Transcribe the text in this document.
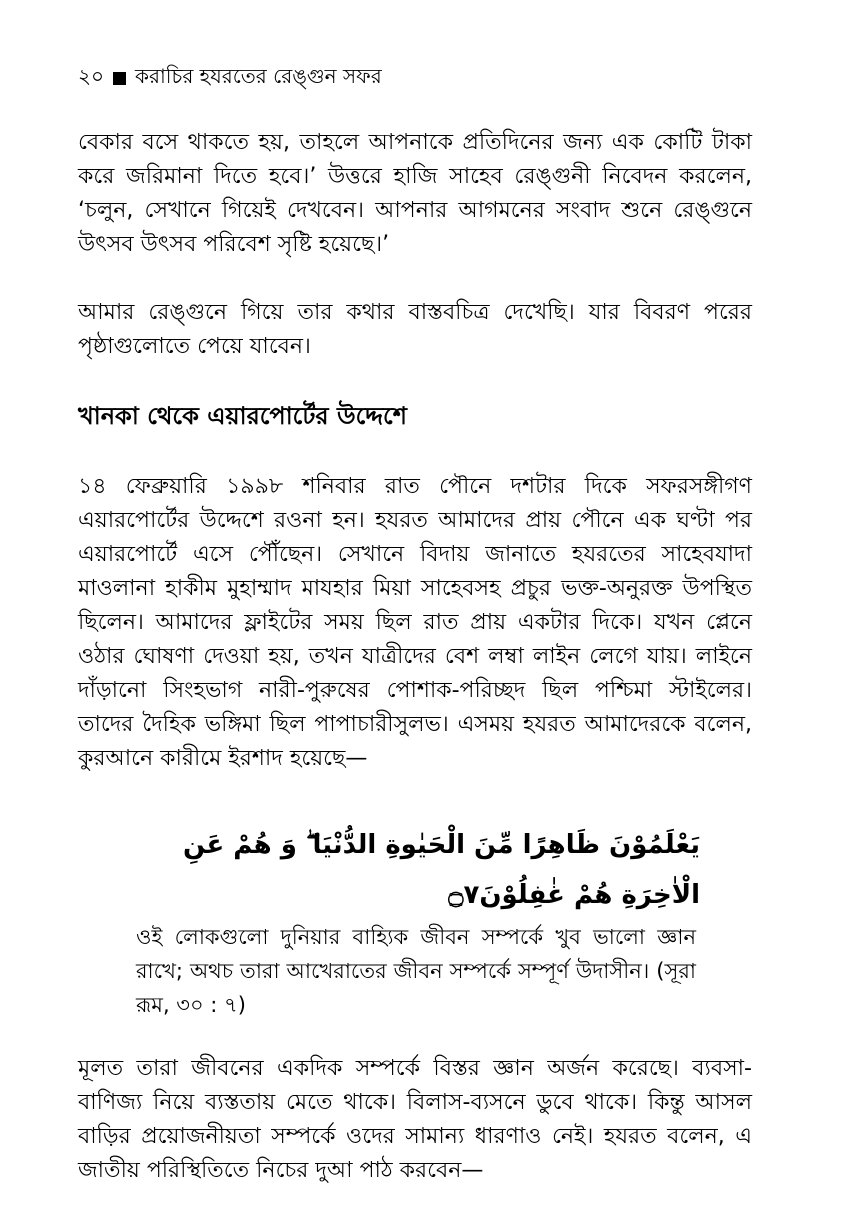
২০ করাচির হযরতের রেঙ্গুন সফর

বেকার বসে থাকতে হয়, তাহলে আপনাকে প্রতিদিনের জন্য এক কোটি টাকা করে জরিমানা দিতে হবে।’ উত্তরে হাজি সাহেব রেঙ্গুনী নিবেদন করলেন, ‘চলুন, সেখানে গিয়েই দেখবেন। আপনার আগমনের সংবাদ শুনে রেঙ্গুনে উৎসব উৎসব পরিবেশ সৃষ্টি হয়েছে।’

আমার রেঙ্গুনে গিয়ে তার কথার বাস্তবচিত্র দেখেছি। যার বিবরণ পরের পৃষ্ঠাগুলোতে পেয়ে যাবেন।

খানকা থেকে এয়ারপোর্টের উদ্দেশে

১৪ ফেব্রুয়ারি ১৯৯৮ শনিবার রাত পৌনে দশটার দিকে সফরসঙ্গীগণ এয়ারপোর্টের উদ্দেশে রওনা হন। হযরত আমাদের প্রায় পৌনে এক ঘণ্টা পর এয়ারপোর্টে এসে পৌঁছেন। সেখানে বিদায় জানাতে হযরতের সাহেবযাদা মাওলানা হাকীম মুহাম্মাদ মাযহার মিয়া সাহেবসহ প্রচুর ভক্ত-অনুরক্ত উপস্থিত ছিলেন। আমাদের ফ্লাইটের সময় ছিল রাত প্রায় একটার দিকে। যখন প্লেনে ওঠার ঘোষণা দেওয়া হয়, তখন যাত্রীদের বেশ লম্বা লাইন লেগে যায়। লাইনে দাঁড়ানো সিংহভাগ নারী-পুরুষের পোশাক-পরিচ্ছদ ছিল পশ্চিমা স্টাইলের। তাদের দৈহিক ভঙ্গিমা ছিল পাপাচারীসুলভ। এসময় হযরত আমাদেরকে বলেন, কুরআনে কারীমে ইরশাদ হয়েছে—

يَعْلَمُوْنَ ظَاهِرًا مِّنَ الْحَيٰوةِ الدُّنْيَا ۖ وَ هُمْ عَنِ الْاٰخِرَةِ هُمْ غٰفِلُوْنَ۝۷

ওই লোকগুলো দুনিয়ার বাহ্যিক জীবন সম্পর্কে খুব ভালো জ্ঞান রাখে; অথচ তারা আখেরাতের জীবন সম্পর্কে সম্পূর্ণ উদাসীন। (সূরা রূম, ৩০ : ৭)

মূলত তারা জীবনের একদিক সম্পর্কে বিস্তর জ্ঞান অর্জন করেছে। ব্যবসা-বাণিজ্য নিয়ে ব্যস্ততায় মেতে থাকে। বিলাস-ব্যসনে ডুবে থাকে। কিন্তু আসল বাড়ির প্রয়োজনীয়তা সম্পর্কে ওদের সামান্য ধারণাও নেই। হযরত বলেন, এ জাতীয় পরিস্থিতিতে নিচের দুআ পাঠ করবেন—
